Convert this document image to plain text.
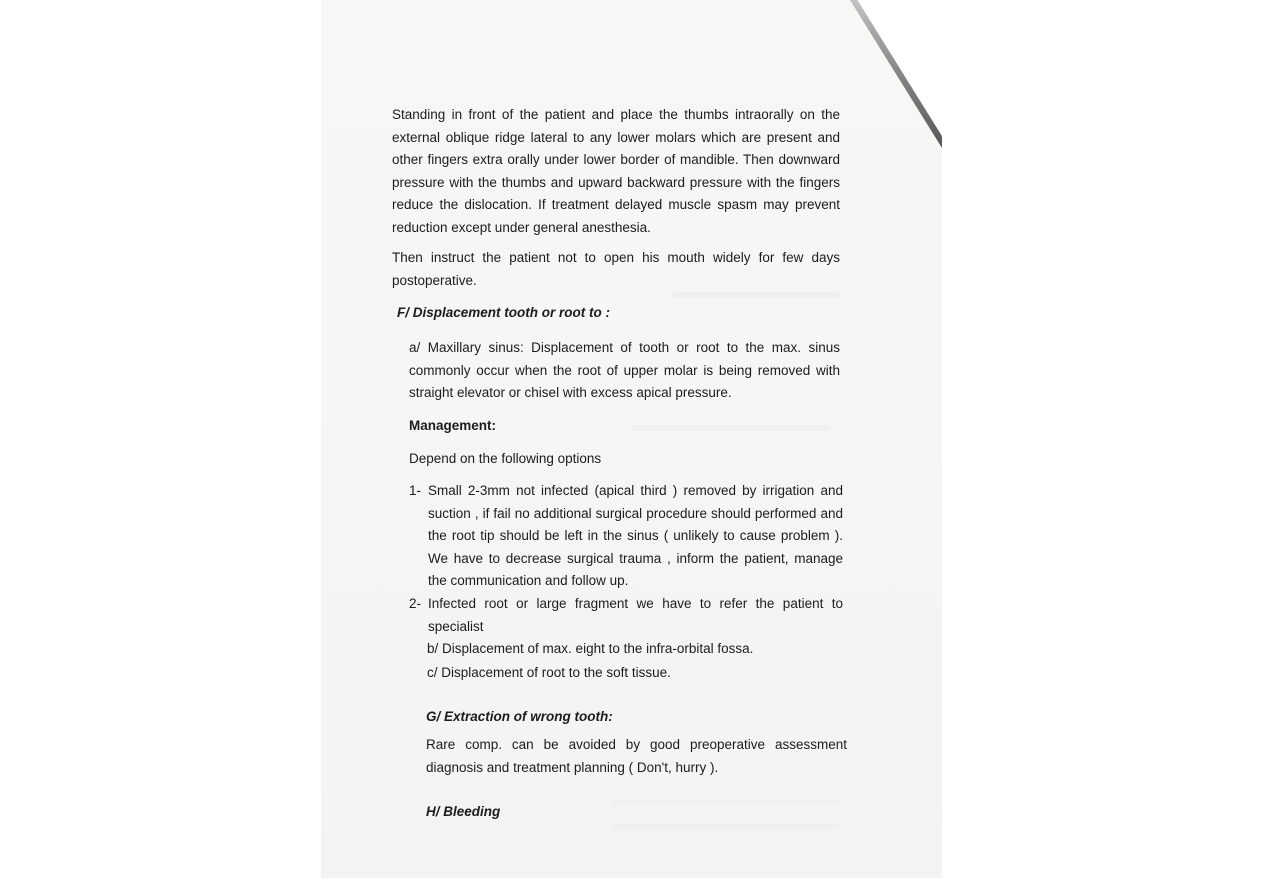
Standing in front of the patient and place the thumbs intraorally on the external oblique ridge lateral to any lower molars which are present and other fingers extra orally under lower border of mandible. Then downward pressure with the thumbs and upward backward pressure with the fingers reduce the dislocation. If treatment delayed muscle spasm may prevent reduction except under general anesthesia.
Then instruct the patient not to open his mouth widely for few days postoperative.
F/ Displacement tooth or root to :
a/ Maxillary sinus: Displacement of tooth or root to the max. sinus commonly occur when the root of upper molar is being removed with straight elevator or chisel with excess apical pressure.
Management:
Depend on the following options
1- Small 2-3mm not infected (apical third ) removed by irrigation and suction , if fail no additional surgical procedure should performed and the root tip should be left in the sinus ( unlikely to cause problem ). We have to decrease surgical trauma , inform the patient, manage the communication and follow up.
2- Infected root or large fragment we have to refer the patient to specialist
b/ Displacement of max. eight to the infra-orbital fossa.
c/ Displacement of root to the soft tissue.
G/ Extraction of wrong tooth:
Rare comp. can be avoided by good preoperative assessment diagnosis and treatment planning ( Don't, hurry ).
H/ Bleeding
